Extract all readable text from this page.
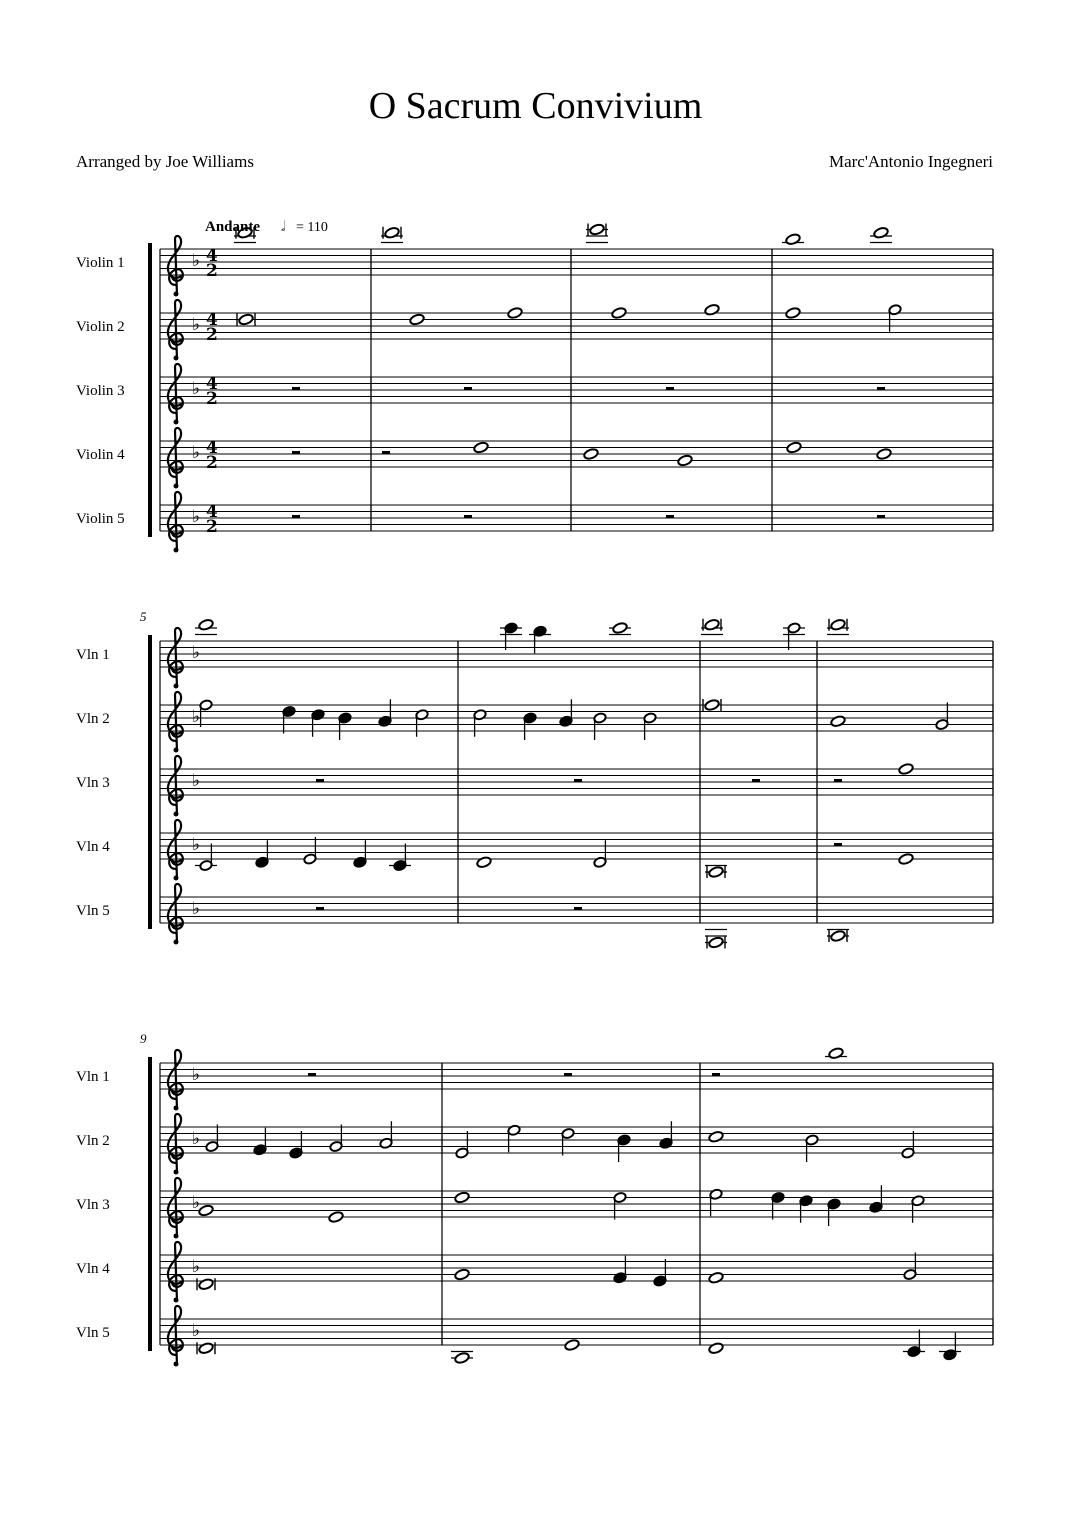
O Sacrum Convivium
Arranged by Joe Williams	Marc'Antonio Ingegneri
Violin 1	♭ 4
2
Violin 2	♭ 4
2
Violin 3	♭ 4
2
Violin 4	♭ 4
2
Violin 5	♭ 4
2
5
Vln 1	♭
Vln 2	♭
Vln 3	♭
Vln 4	♭
Vln 5	♭
9
Vln 1	♭
Vln 2	♭
Vln 3	♭
Vln 4	♭
Vln 5	♭
Andante 𝅗𝅥 = 110
